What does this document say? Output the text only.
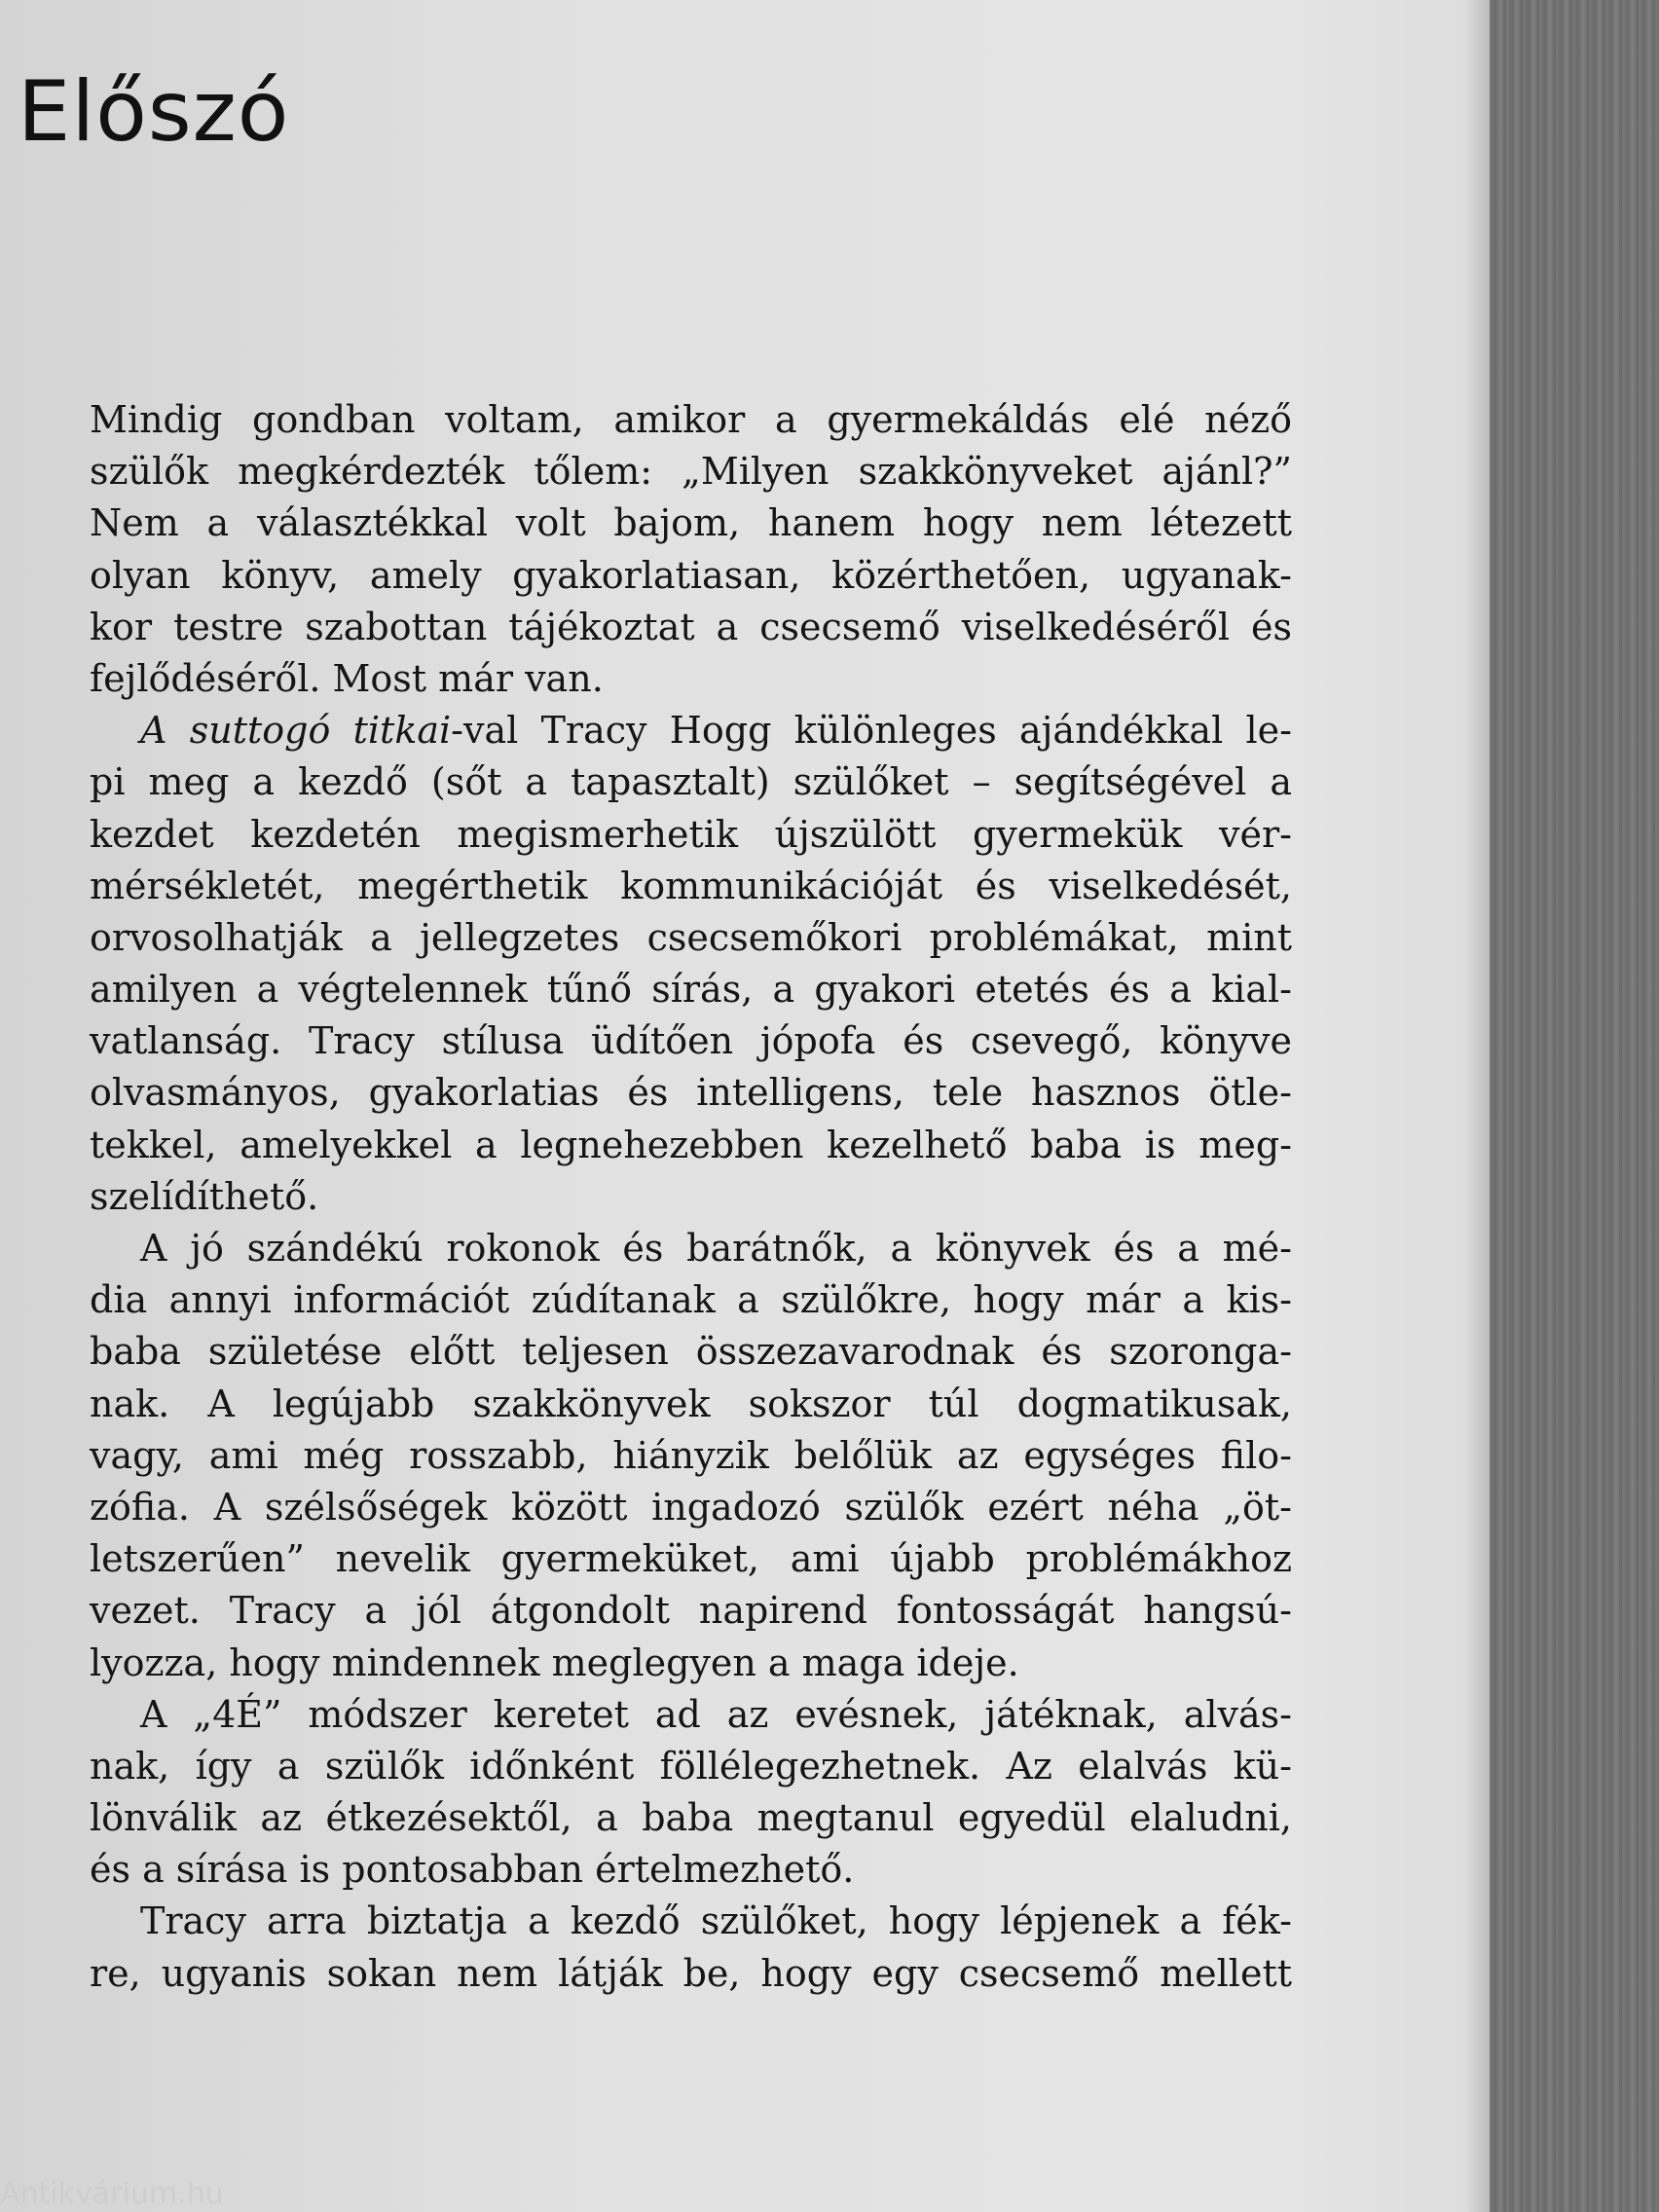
Előszó
Mindig gondban voltam, amikor a gyermekáldás elé néző
szülők megkérdezték tőlem: „Milyen szakkönyveket ajánl?”
Nem a választékkal volt bajom, hanem hogy nem létezett
olyan könyv, amely gyakorlatiasan, közérthetően, ugyanak-
kor testre szabottan tájékoztat a csecsemő viselkedéséről és
fejlődéséről. Most már van.
A suttogó titkai-val Tracy Hogg különleges ajándékkal le-
pi meg a kezdő (sőt a tapasztalt) szülőket – segítségével a
kezdet kezdetén megismerhetik újszülött gyermekük vér-
mérsékletét, megérthetik kommunikációját és viselkedését,
orvosolhatják a jellegzetes csecsemőkori problémákat, mint
amilyen a végtelennek tűnő sírás, a gyakori etetés és a kial-
vatlanság. Tracy stílusa üdítően jópofa és csevegő, könyve
olvasmányos, gyakorlatias és intelligens, tele hasznos ötle-
tekkel, amelyekkel a legnehezebben kezelhető baba is meg-
szelídíthető.
A jó szándékú rokonok és barátnők, a könyvek és a mé-
dia annyi információt zúdítanak a szülőkre, hogy már a kis-
baba születése előtt teljesen összezavarodnak és szoronga-
nak. A legújabb szakkönyvek sokszor túl dogmatikusak,
vagy, ami még rosszabb, hiányzik belőlük az egységes filo-
zófia. A szélsőségek között ingadozó szülők ezért néha „öt-
letszerűen” nevelik gyermeküket, ami újabb problémákhoz
vezet. Tracy a jól átgondolt napirend fontosságát hangsú-
lyozza, hogy mindennek meglegyen a maga ideje.
A „4É” módszer keretet ad az evésnek, játéknak, alvás-
nak, így a szülők időnként föllélegezhetnek. Az elalvás kü-
lönválik az étkezésektől, a baba megtanul egyedül elaludni,
és a sírása is pontosabban értelmezhető.
Tracy arra biztatja a kezdő szülőket, hogy lépjenek a fék-
re, ugyanis sokan nem látják be, hogy egy csecsemő mellett
Antikvárium.hu
